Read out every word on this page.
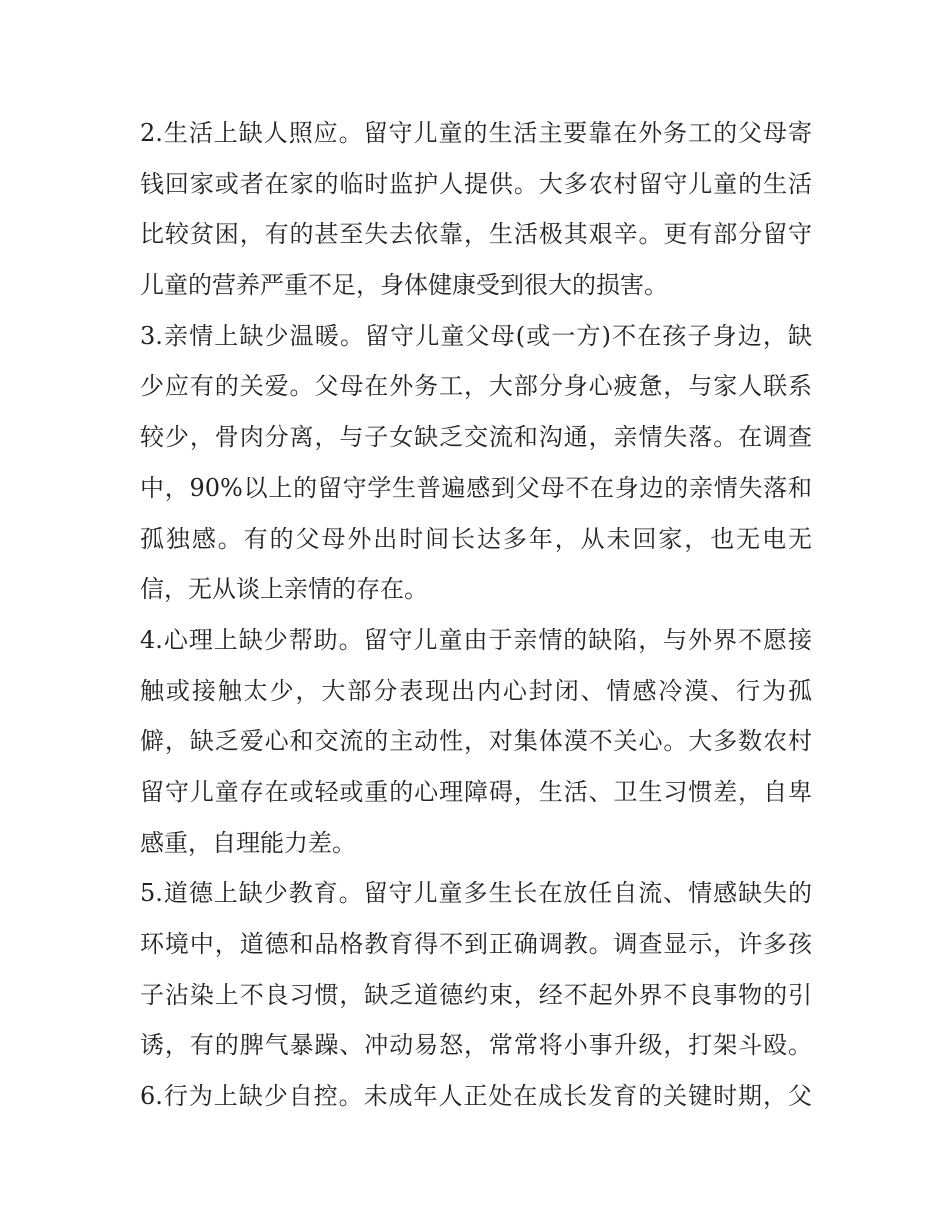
2.生活上缺人照应。留守儿童的生活主要靠在外务工的父母寄
钱回家或者在家的临时监护人提供。大多农村留守儿童的生活
比较贫困，有的甚至失去依靠，生活极其艰辛。更有部分留守
儿童的营养严重不足，身体健康受到很大的损害。
3.亲情上缺少温暖。留守儿童父母(或一方)不在孩子身边，缺
少应有的关爱。父母在外务工，大部分身心疲惫，与家人联系
较少，骨肉分离，与子女缺乏交流和沟通，亲情失落。在调查
中，90%以上的留守学生普遍感到父母不在身边的亲情失落和
孤独感。有的父母外出时间长达多年，从未回家，也无电无
信，无从谈上亲情的存在。
4.心理上缺少帮助。留守儿童由于亲情的缺陷，与外界不愿接
触或接触太少，大部分表现出内心封闭、情感冷漠、行为孤
僻，缺乏爱心和交流的主动性，对集体漠不关心。大多数农村
留守儿童存在或轻或重的心理障碍，生活、卫生习惯差，自卑
感重，自理能力差。
5.道德上缺少教育。留守儿童多生长在放任自流、情感缺失的
环境中，道德和品格教育得不到正确调教。调查显示，许多孩
子沾染上不良习惯，缺乏道德约束，经不起外界不良事物的引
诱，有的脾气暴躁、冲动易怒，常常将小事升级，打架斗殴。
6.行为上缺少自控。未成年人正处在成长发育的关键时期，父
